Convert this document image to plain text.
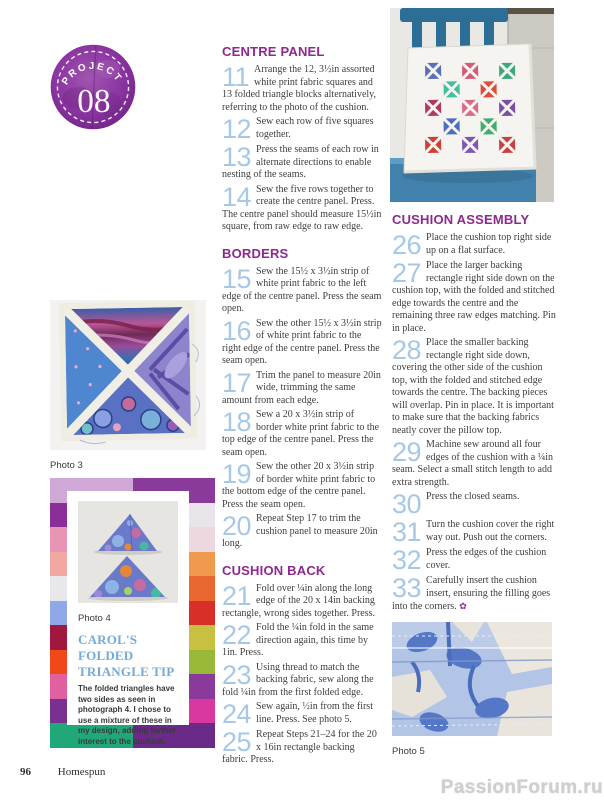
PROJECT
08
Photo 3
Photo 4
CAROL'S FOLDED TRIANGLE TIP
The folded triangles have two sides as seen in photograph 4. I chose to use a mixture of these in my design, adding further interest to the cushion.
CENTRE PANEL
11 Arrange the 12, 3½in assorted white print fabric squares and 13 folded triangle blocks alternatively, referring to the photo of the cushion.
12 Sew each row of five squares together.
13 Press the seams of each row in alternate directions to enable nesting of the seams.
14 Sew the five rows together to create the centre panel. Press. The centre panel should measure 15½in square, from raw edge to raw edge.
BORDERS
15 Sew the 15½ x 3½in strip of white print fabric to the left edge of the centre panel. Press the seam open.
16 Sew the other 15½ x 3½in strip of white print fabric to the right edge of the centre panel. Press the seam open.
17 Trim the panel to measure 20in wide, trimming the same amount from each edge.
18 Sew a 20 x 3½in strip of border white print fabric to the top edge of the centre panel. Press the seam open.
19 Sew the other 20 x 3½in strip of border white print fabric to the bottom edge of the centre panel. Press the seam open.
20 Repeat Step 17 to trim the cushion panel to measure 20in long.
CUSHION BACK
21 Fold over ¼in along the long edge of the 20 x 14in backing rectangle, wrong sides together. Press.
22 Fold the ¼in fold in the same direction again, this time by 1in. Press.
23 Using thread to match the backing fabric, sew along the fold ¼in from the first folded edge.
24 Sew again, ½in from the first line. Press. See photo 5.
25 Repeat Steps 21–24 for the 20 x 16in rectangle backing fabric. Press.
CUSHION ASSEMBLY
26 Place the cushion top right side up on a flat surface.
27 Place the larger backing rectangle right side down on the cushion top, with the folded and stitched edge towards the centre and the remaining three raw edges matching. Pin in place.
28 Place the smaller backing rectangle right side down, covering the other side of the cushion top, with the folded and stitched edge towards the centre. The backing pieces will overlap. Pin in place. It is important to make sure that the backing fabrics neatly cover the pillow top.
29 Machine sew around all four edges of the cushion with a ¼in seam. Select a small stitch length to add extra strength.
30 Press the closed seams.
31 Turn the cushion cover the right way out. Push out the corners.
32 Press the edges of the cushion cover.
33 Carefully insert the cushion insert, ensuring the filling goes into the corners. ✿
Photo 5
96 Homespun
PassionForum.ru
